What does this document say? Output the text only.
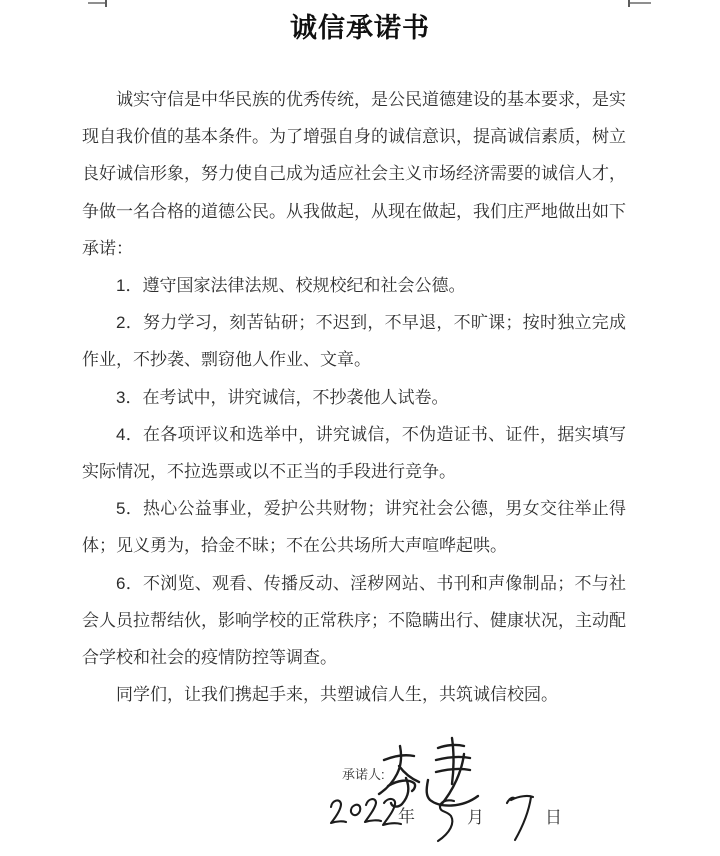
诚信承诺书

诚实守信是中华民族的优秀传统，是公民道德建设的基本要求，是实现自我价值的基本条件。为了增强自身的诚信意识，提高诚信素质，树立良好诚信形象，努力使自己成为适应社会主义市场经济需要的诚信人才，争做一名合格的道德公民。从我做起，从现在做起，我们庄严地做出如下承诺：

1．遵守国家法律法规、校规校纪和社会公德。

2．努力学习，刻苦钻研；不迟到，不早退，不旷课；按时独立完成作业，不抄袭、剽窃他人作业、文章。

3．在考试中，讲究诚信，不抄袭他人试卷。

4．在各项评议和选举中，讲究诚信，不伪造证书、证件，据实填写实际情况，不拉选票或以不正当的手段进行竞争。

5．热心公益事业，爱护公共财物；讲究社会公德，男女交往举止得体；见义勇为，拾金不昧；不在公共场所大声喧哗起哄。

6．不浏览、观看、传播反动、淫秽网站、书刊和声像制品；不与社会人员拉帮结伙，影响学校的正常秩序；不隐瞒出行、健康状况，主动配合学校和社会的疫情防控等调查。

同学们，让我们携起手来，共塑诚信人生，共筑诚信校园。

承诺人:
年	月	日
